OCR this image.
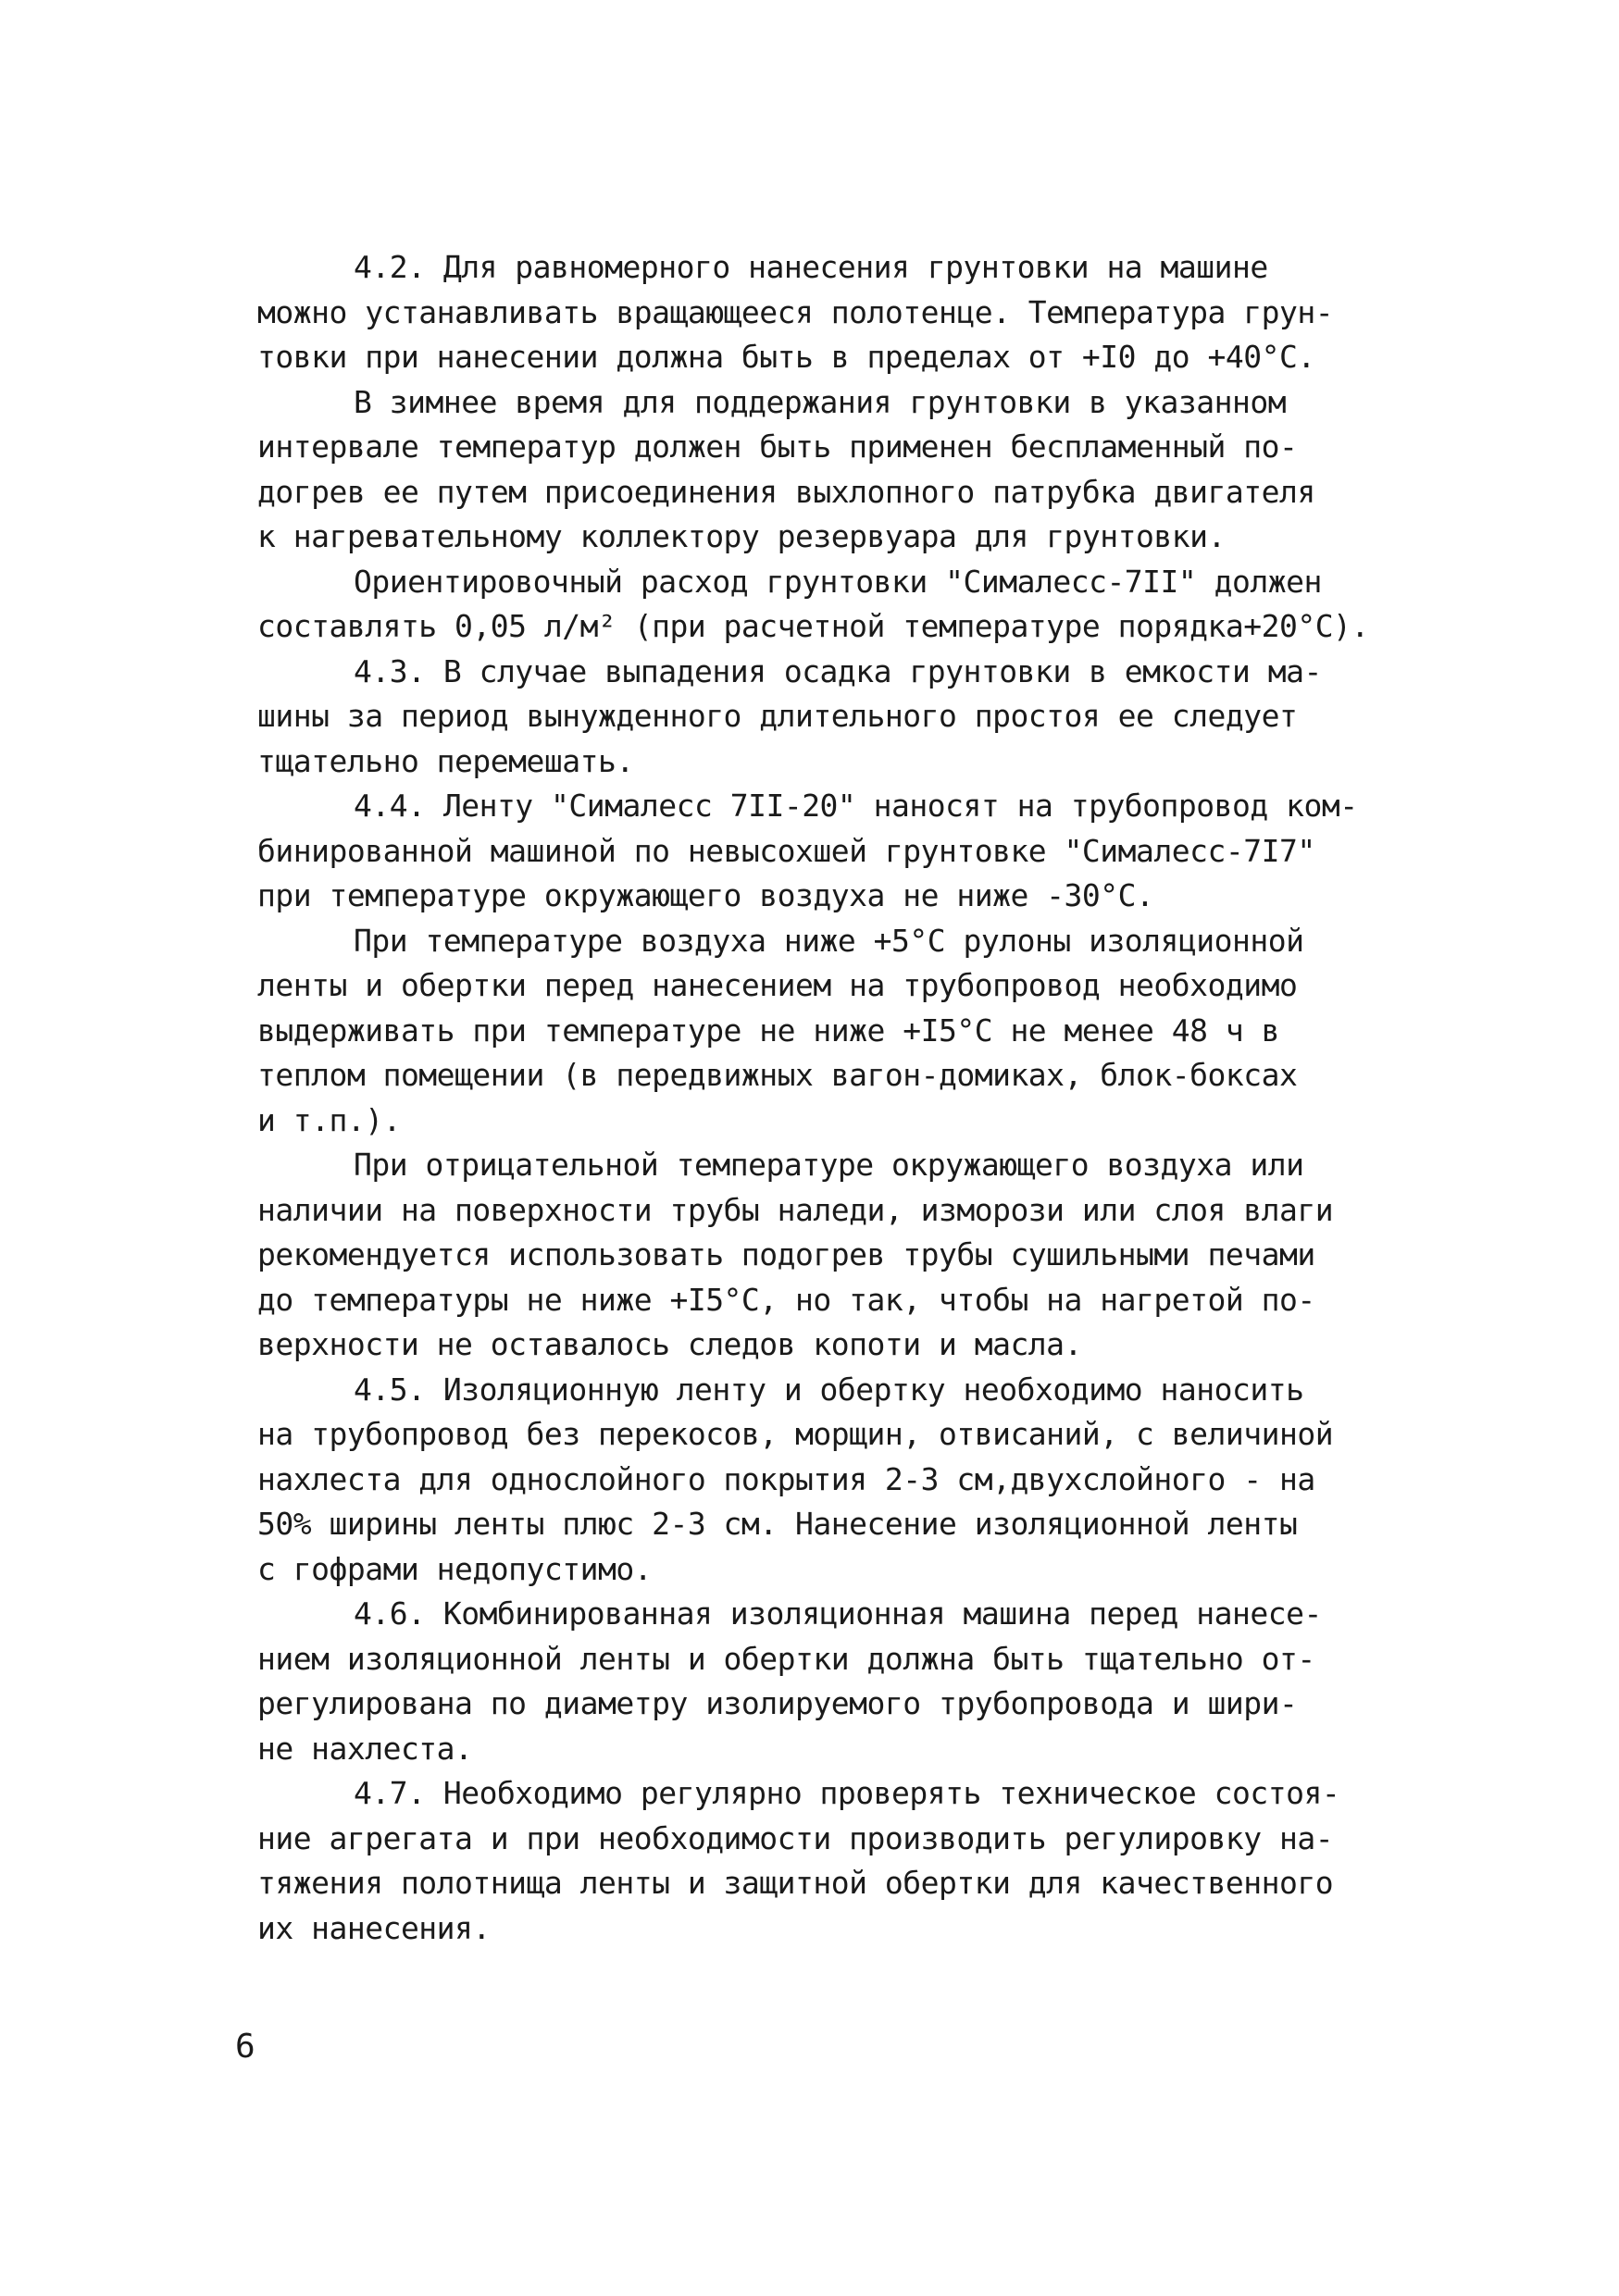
4.2. Для равномерного нанесения грунтовки на машине
можно устанавливать вращающееся полотенце. Температура грун-
товки при нанесении должна быть в пределах от +I0 до +40°C.
В зимнее время для поддержания грунтовки в указанном
интервале температур должен быть применен беспламенный по-
догрев ее путем присоединения выхлопного патрубка двигателя
к нагревательному коллектору резервуара для грунтовки.
Ориентировочный расход грунтовки "Сималесс-7II" должен
составлять 0,05 л/м² (при расчетной температуре порядка+20°C).
4.3. В случае выпадения осадка грунтовки в емкости ма-
шины за период вынужденного длительного простоя ее следует
тщательно перемешать.
4.4. Ленту "Сималесс 7II-20" наносят на трубопровод ком-
бинированной машиной по невысохшей грунтовке "Сималесс-7I7"
при температуре окружающего воздуха не ниже -30°C.
При температуре воздуха ниже +5°C рулоны изоляционной
ленты и обертки перед нанесением на трубопровод необходимо
выдерживать при температуре не ниже +I5°C не менее 48 ч в
теплом помещении (в передвижных вагон-домиках, блок-боксах
и т.п.).
При отрицательной температуре окружающего воздуха или
наличии на поверхности трубы наледи, изморози или слоя влаги
рекомендуется использовать подогрев трубы сушильными печами
до температуры не ниже +I5°C, но так, чтобы на нагретой по-
верхности не оставалось следов копоти и масла.
4.5. Изоляционную ленту и обертку необходимо наносить
на трубопровод без перекосов, морщин, отвисаний, с величиной
нахлеста для однослойного покрытия 2-3 см,двухслойного - на
50% ширины ленты плюс 2-3 см. Нанесение изоляционной ленты
с гофрами недопустимо.
4.6. Комбинированная изоляционная машина перед нанесе-
нием изоляционной ленты и обертки должна быть тщательно от-
регулирована по диаметру изолируемого трубопровода и шири-
не нахлеста.
4.7. Необходимо регулярно проверять техническое состоя-
ние агрегата и при необходимости производить регулировку на-
тяжения полотнища ленты и защитной обертки для качественного
их нанесения.
6
